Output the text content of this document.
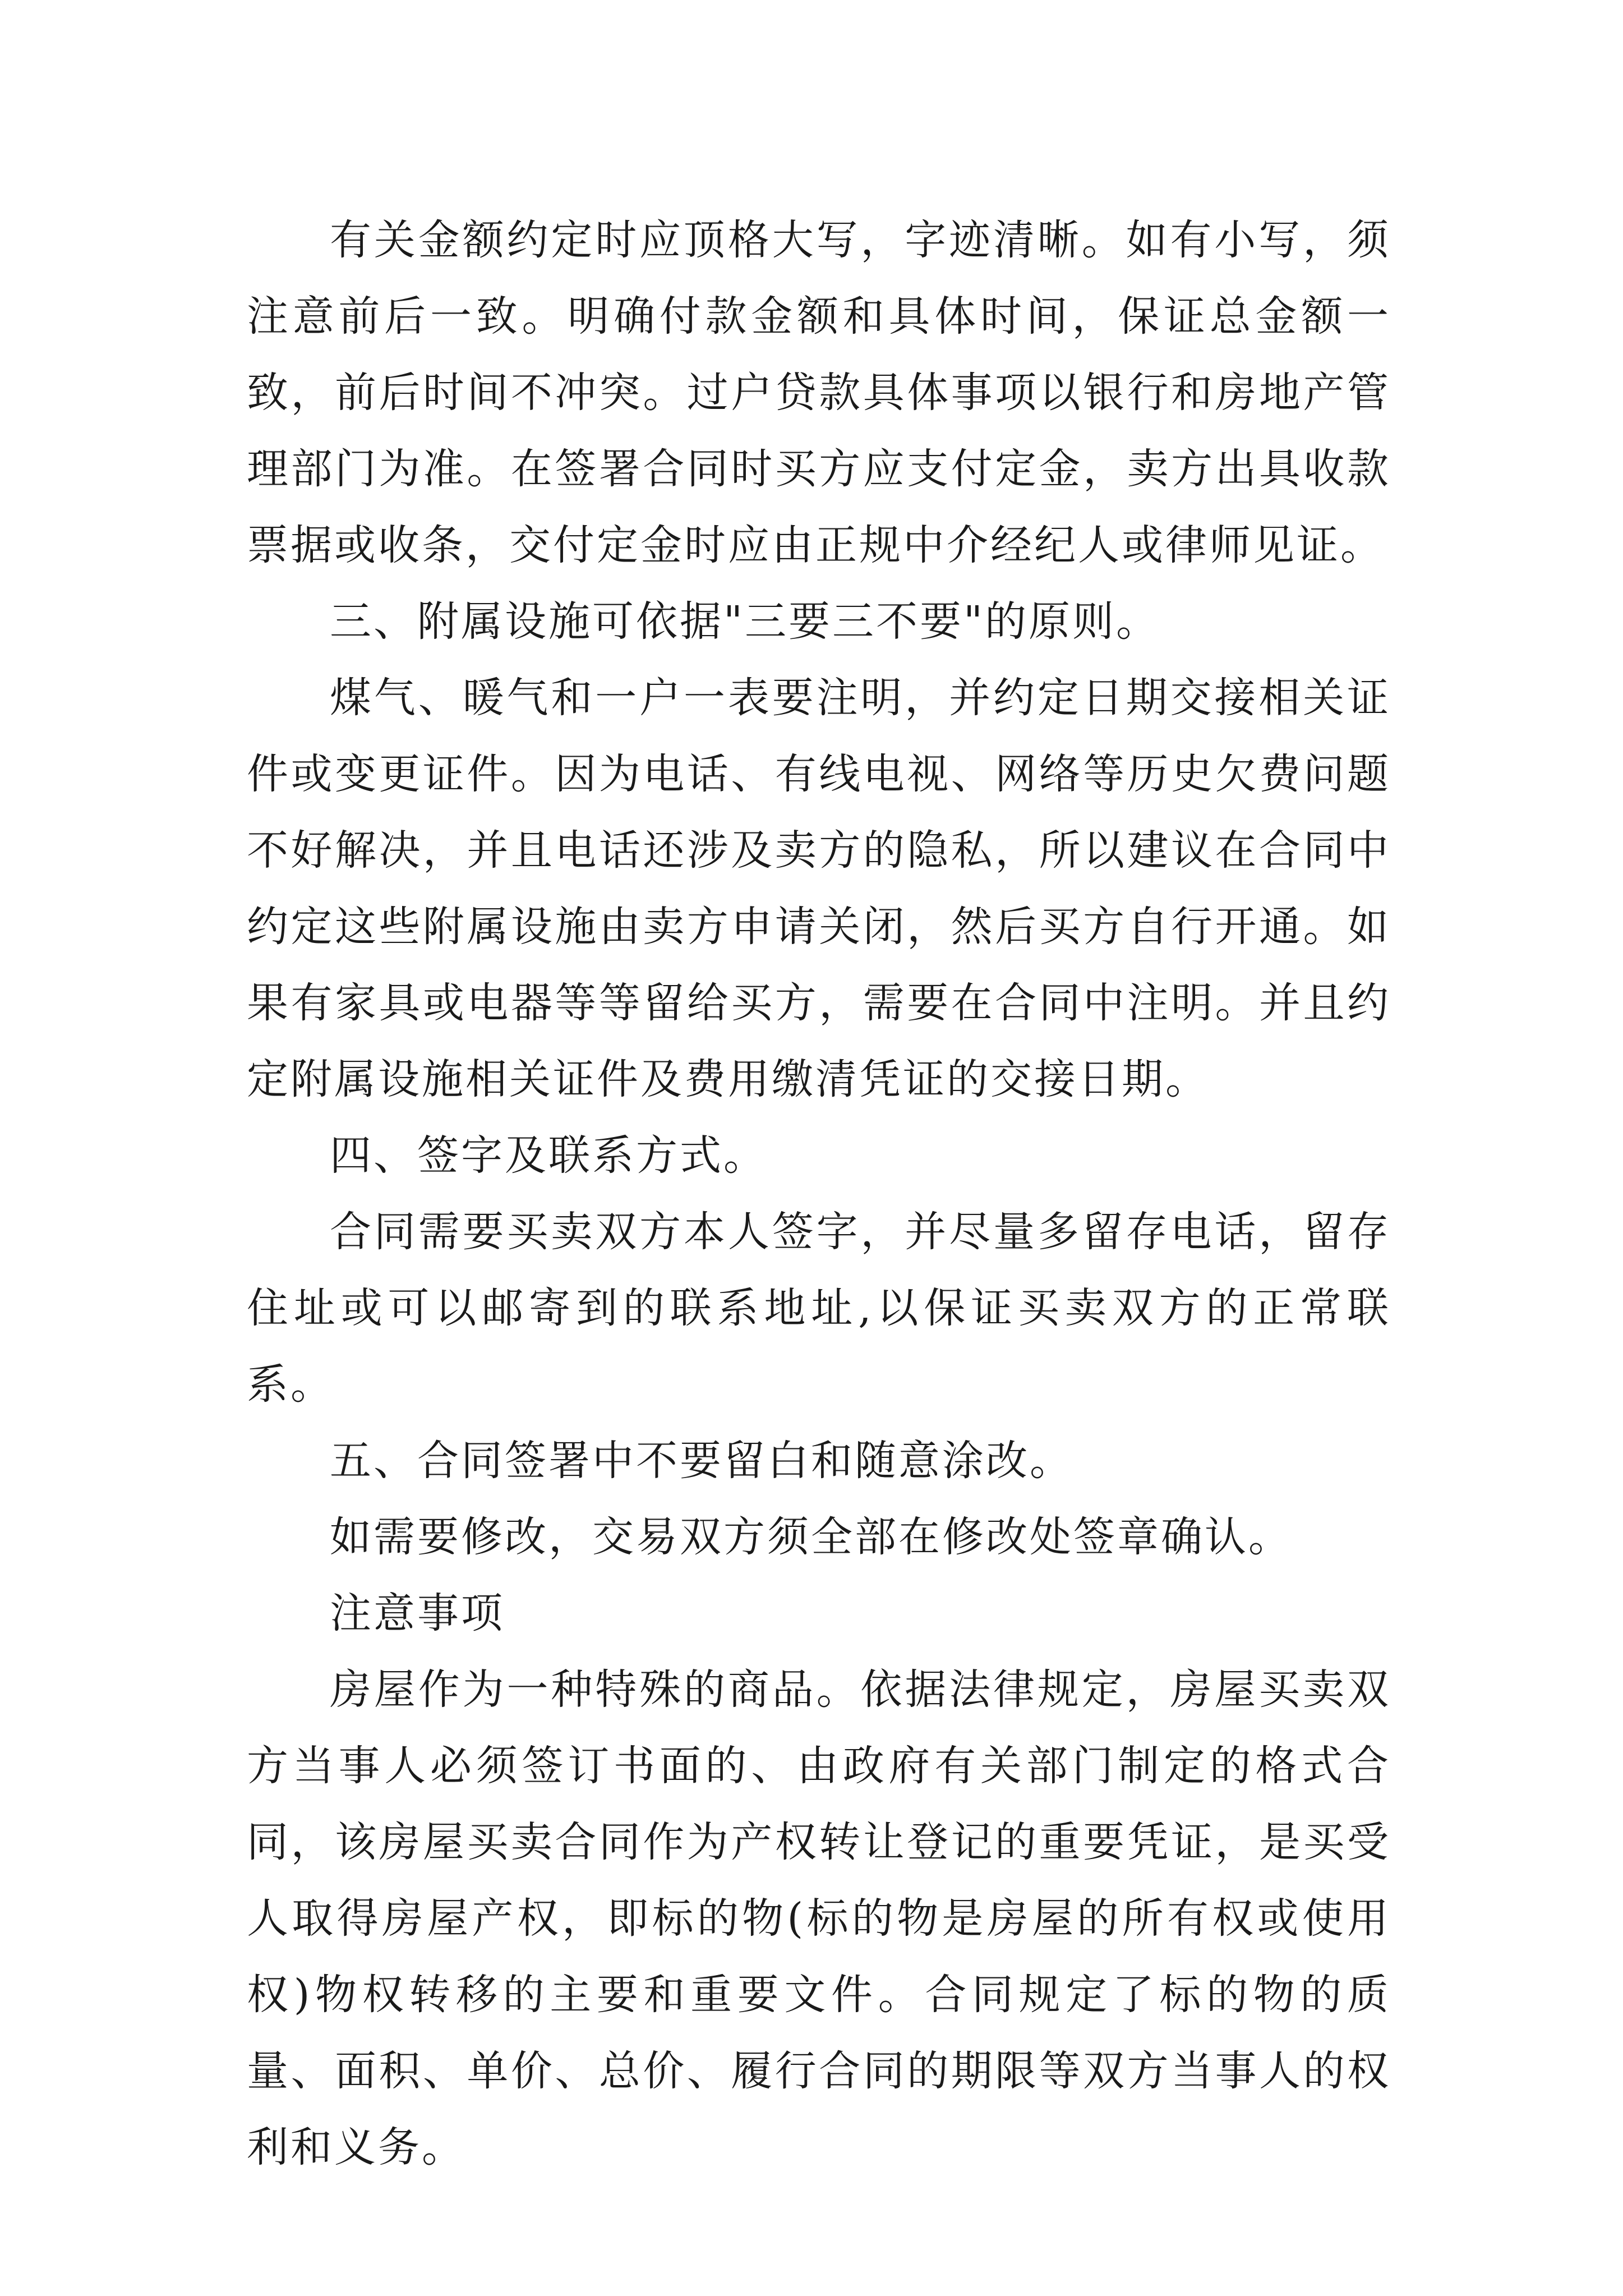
有关金额约定时应顶格大写，字迹清晰。如有小写，须注意前后一致。明确付款金额和具体时间，保证总金额一致，前后时间不冲突。过户贷款具体事项以银行和房地产管理部门为准。在签署合同时买方应支付定金，卖方出具收款票据或收条，交付定金时应由正规中介经纪人或律师见证。

三、附属设施可依据"三要三不要"的原则。

煤气、暖气和一户一表要注明，并约定日期交接相关证件或变更证件。因为电话、有线电视、网络等历史欠费问题不好解决，并且电话还涉及卖方的隐私，所以建议在合同中约定这些附属设施由卖方申请关闭，然后买方自行开通。如果有家具或电器等等留给买方，需要在合同中注明。并且约定附属设施相关证件及费用缴清凭证的交接日期。

四、签字及联系方式。

合同需要买卖双方本人签字，并尽量多留存电话，留存住址或可以邮寄到的联系地址,以保证买卖双方的正常联系。

五、合同签署中不要留白和随意涂改。

如需要修改，交易双方须全部在修改处签章确认。

注意事项

房屋作为一种特殊的商品。依据法律规定，房屋买卖双方当事人必须签订书面的、由政府有关部门制定的格式合同，该房屋买卖合同作为产权转让登记的重要凭证，是买受人取得房屋产权，即标的物(标的物是房屋的所有权或使用权)物权转移的主要和重要文件。合同规定了标的物的质量、面积、单价、总价、履行合同的期限等双方当事人的权利和义务。
